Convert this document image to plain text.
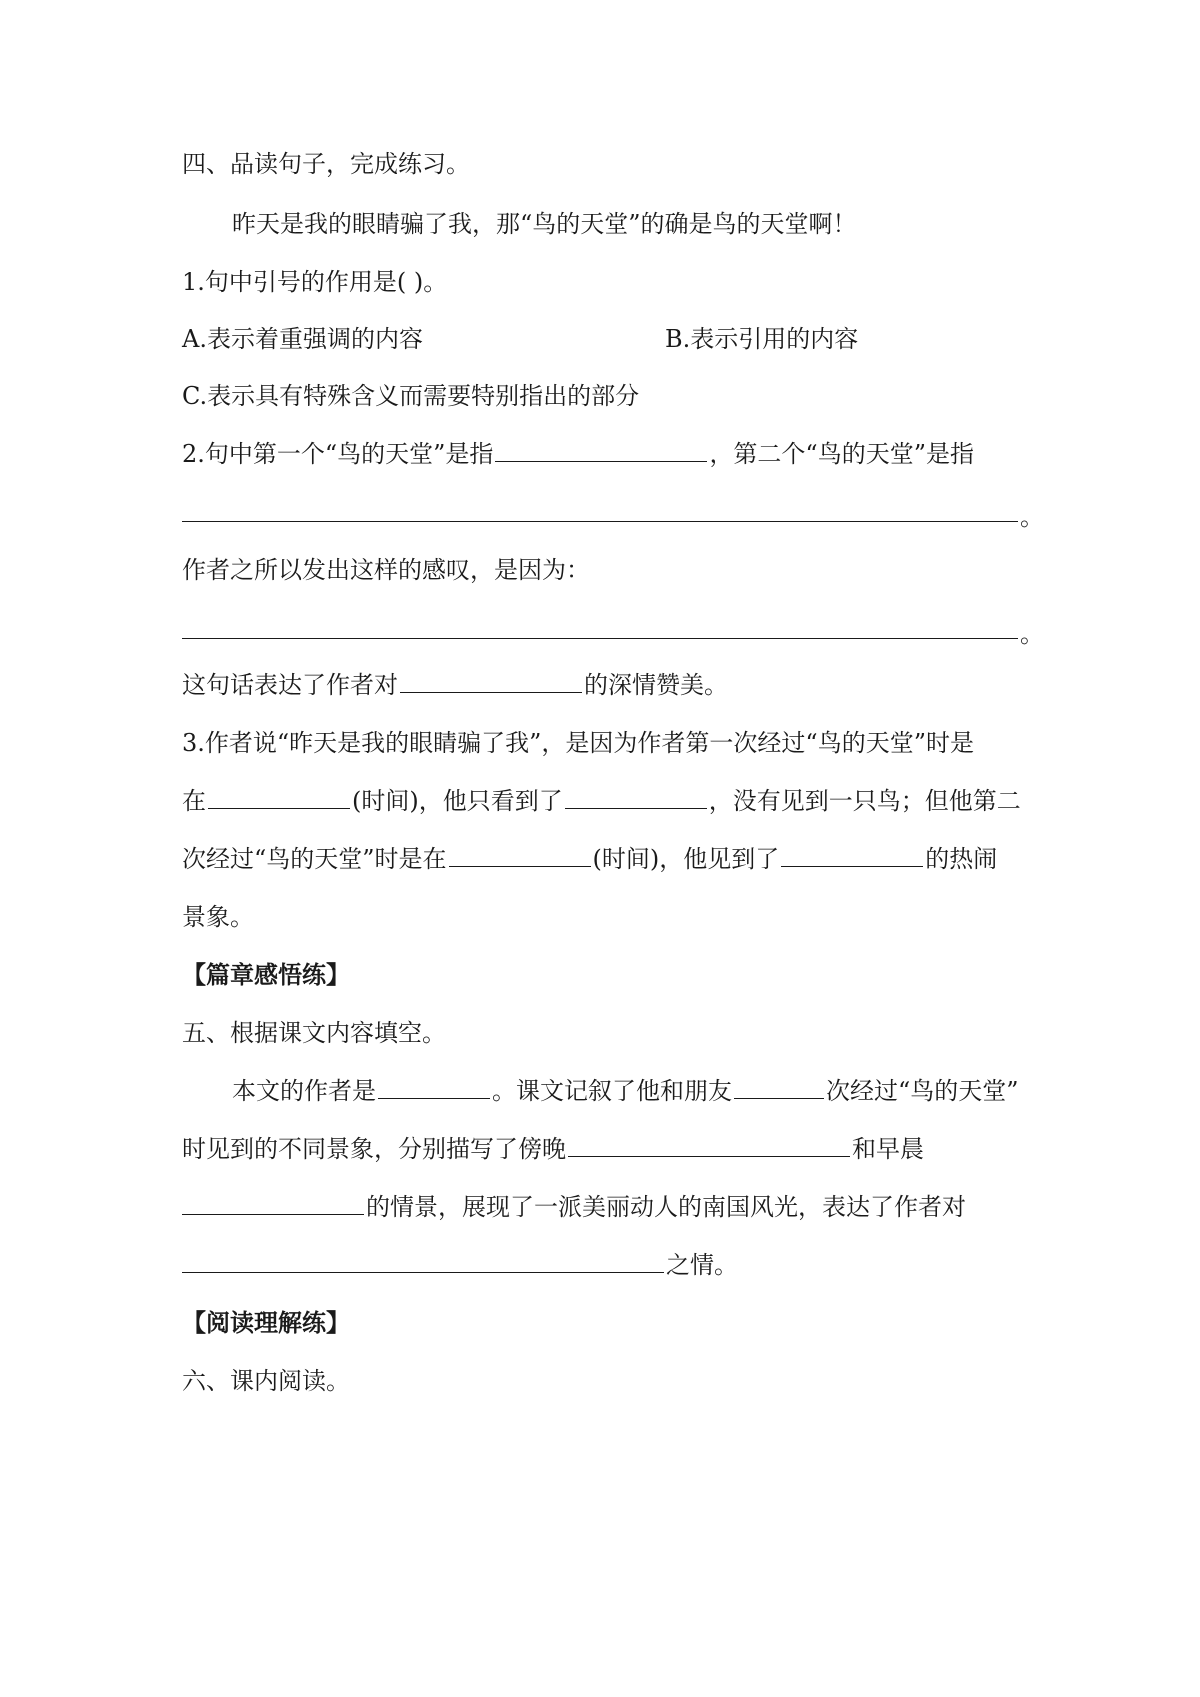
四、品读句子，完成练习。
昨天是我的眼睛骗了我，那“鸟的天堂”的确是鸟的天堂啊！
1.句中引号的作用是( )。
A.表示着重强调的内容	B.表示引用的内容
C.表示具有特殊含义而需要特别指出的部分
2.句中第一个“鸟的天堂”是指	，第二个“鸟的天堂”是指
。
作者之所以发出这样的感叹，是因为：
。
这句话表达了作者对	的深情赞美。
3.作者说“昨天是我的眼睛骗了我”，是因为作者第一次经过“鸟的天堂”时是
在	(时间)，他只看到了	，没有见到一只鸟；但他第二
次经过“鸟的天堂”时是在	(时间)，他见到了	的热闹
景象。
【篇章感悟练】
五、根据课文内容填空。
本文的作者是	。课文记叙了他和朋友	次经过“鸟的天堂”
时见到的不同景象，分别描写了傍晚	和早晨
的情景，展现了一派美丽动人的南国风光，表达了作者对
之情。
【阅读理解练】
六、课内阅读。
